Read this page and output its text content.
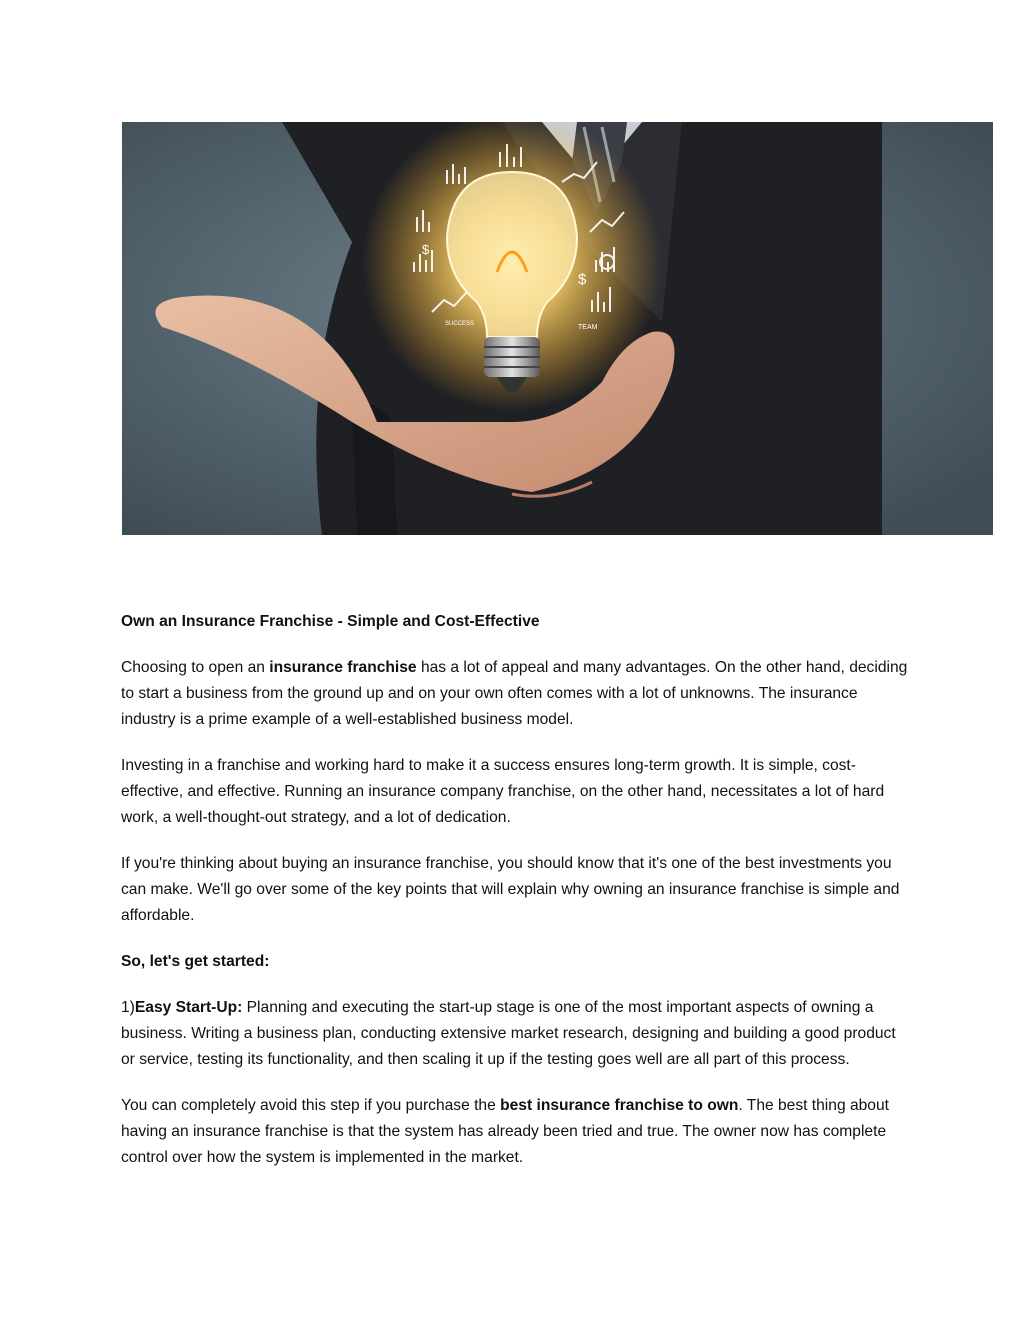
$
$
SUCCESS	TEAM

Own an Insurance Franchise - Simple and Cost-Effective

Choosing to open an insurance franchise has a lot of appeal and many advantages. On the other hand, deciding to start a business from the ground up and on your own often comes with a lot of unknowns. The insurance industry is a prime example of a well-established business model.

Investing in a franchise and working hard to make it a success ensures long-term growth. It is simple, cost-effective, and effective. Running an insurance company franchise, on the other hand, necessitates a lot of hard work, a well-thought-out strategy, and a lot of dedication.

If you're thinking about buying an insurance franchise, you should know that it's one of the best investments you can make. We'll go over some of the key points that will explain why owning an insurance franchise is simple and affordable.

So, let's get started:

1)Easy Start-Up: Planning and executing the start-up stage is one of the most important aspects of owning a business. Writing a business plan, conducting extensive market research, designing and building a good product or service, testing its functionality, and then scaling it up if the testing goes well are all part of this process.

You can completely avoid this step if you purchase the best insurance franchise to own. The best thing about having an insurance franchise is that the system has already been tried and true. The owner now has complete control over how the system is implemented in the market.
